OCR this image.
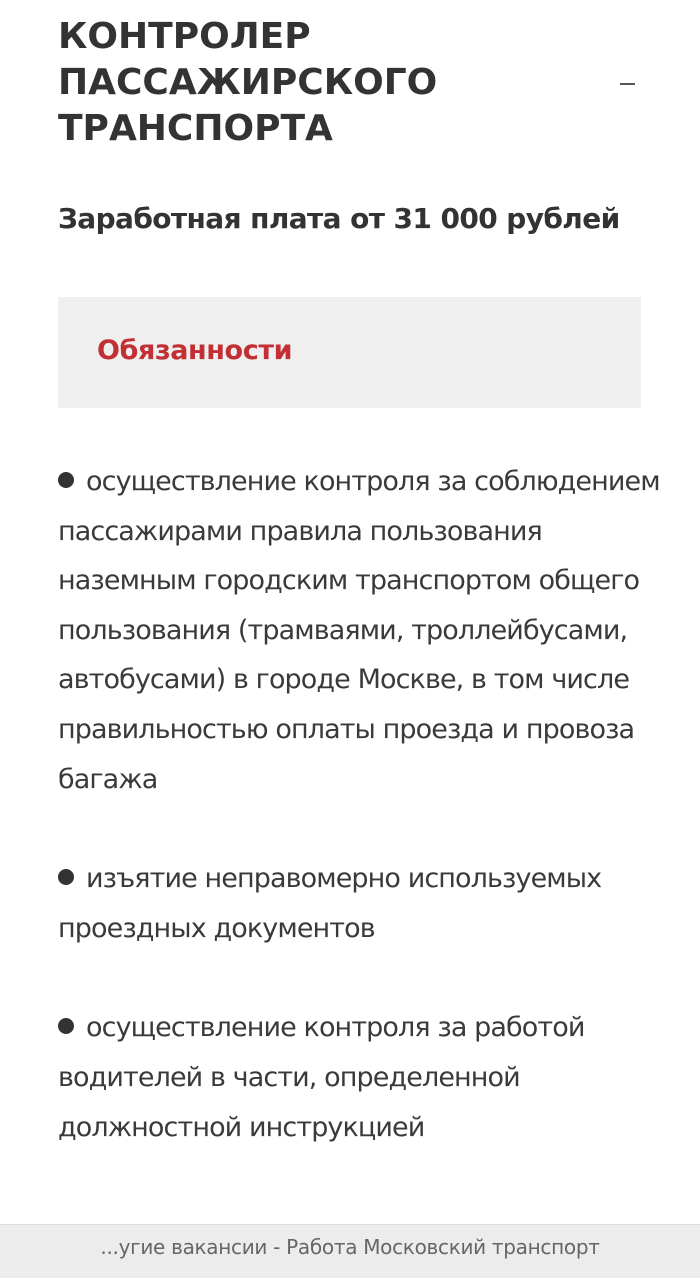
КОНТРОЛЕР ПАССАЖИРСКОГО ТРАНСПОРТА

Заработная плата от 31 000 рублей

Обязанности
осуществление контроля за соблюдением пассажирами правила пользования наземным городским транспортом общего пользования (трамваями, троллейбусами, автобусами) в городе Москве, в том числе правильностью оплаты проезда и провоза багажа
изъятие неправомерно используемых проездных документов
осуществление контроля за работой водителей в части, определенной должностной инструкцией
...угие вакансии - Работа Московский транспорт
